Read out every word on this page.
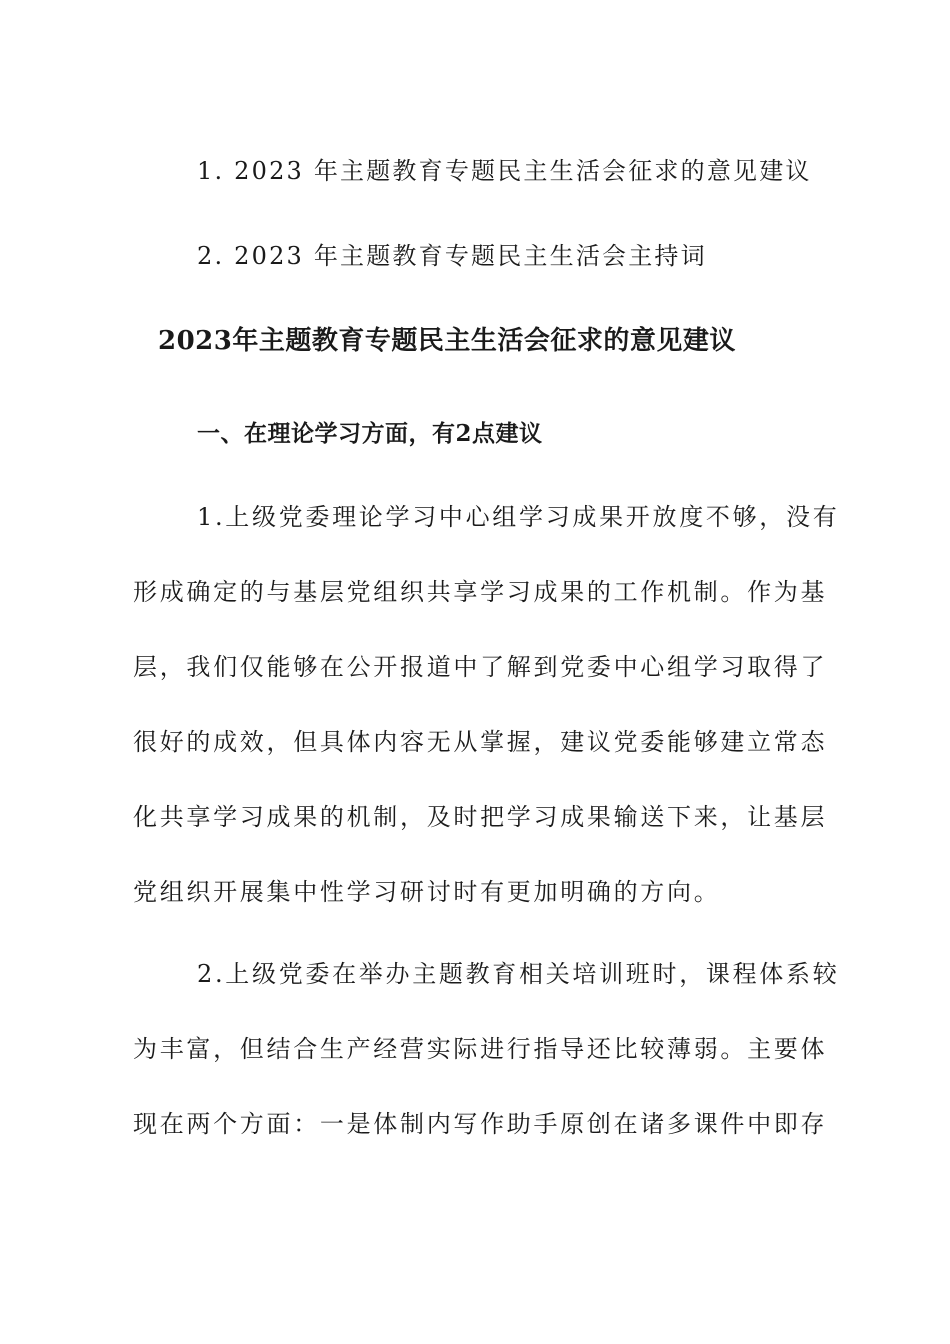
1. 2023 年主题教育专题民主生活会征求的意见建议
2. 2023 年主题教育专题民主生活会主持词
2023年主题教育专题民主生活会征求的意见建议
一、在理论学习方面，有2点建议
1.上级党委理论学习中心组学习成果开放度不够，没有
形成确定的与基层党组织共享学习成果的工作机制。作为基
层，我们仅能够在公开报道中了解到党委中心组学习取得了
很好的成效，但具体内容无从掌握，建议党委能够建立常态
化共享学习成果的机制，及时把学习成果输送下来，让基层
党组织开展集中性学习研讨时有更加明确的方向。
2.上级党委在举办主题教育相关培训班时，课程体系较
为丰富，但结合生产经营实际进行指导还比较薄弱。主要体
现在两个方面：一是体制内写作助手原创在诸多课件中即存
